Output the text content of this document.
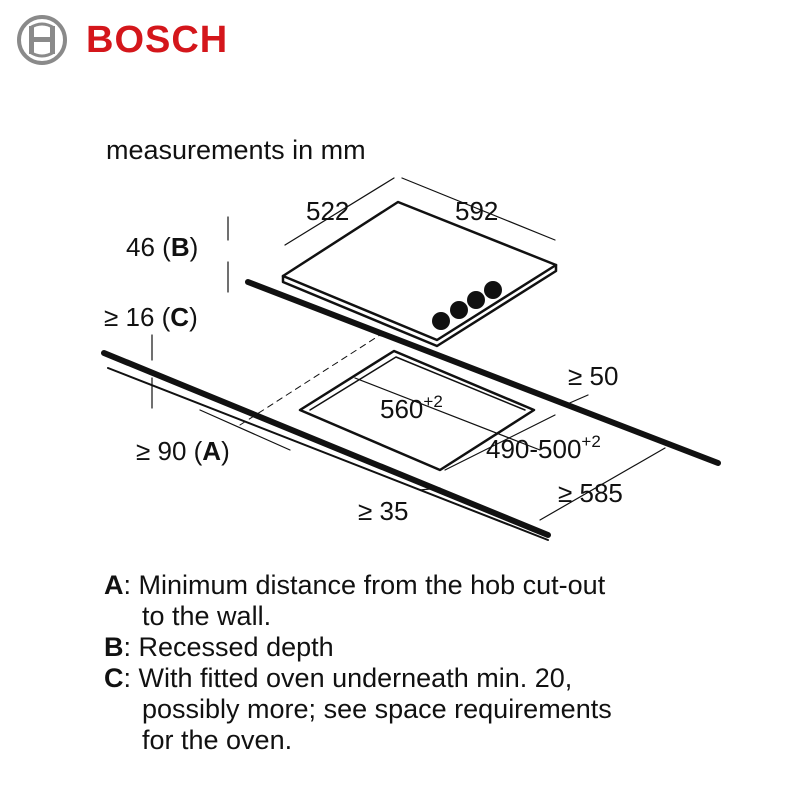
BOSCH
measurements in mm
522	592
46 (B)
≥ 16 (C)
≥ 90 (A)
≥ 50
$560^{+2}$
$490-500^{+2}$
≥ 585
≥ 35
A : Minimum distance from the hob cut-out
to the wall.
B : Recessed depth
C : With fitted oven underneath min. 20,
possibly more; see space requirements
for the oven.
